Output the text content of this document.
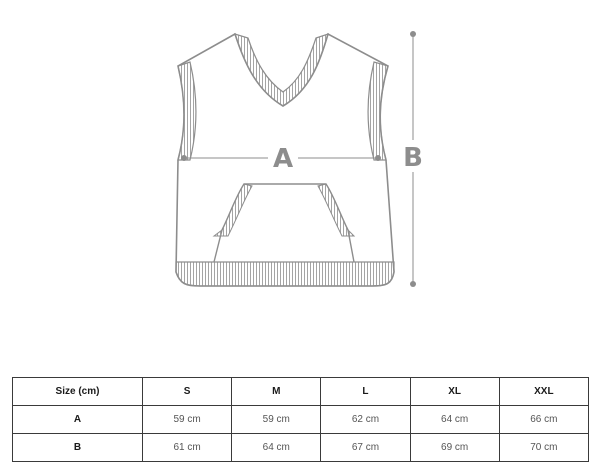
A	B
Size (cm)	S	M	L	XL	XXL
A	59 cm	59 cm	62 cm	64 cm	66 cm
B	61 cm	64 cm	67 cm	69 cm	70 cm
